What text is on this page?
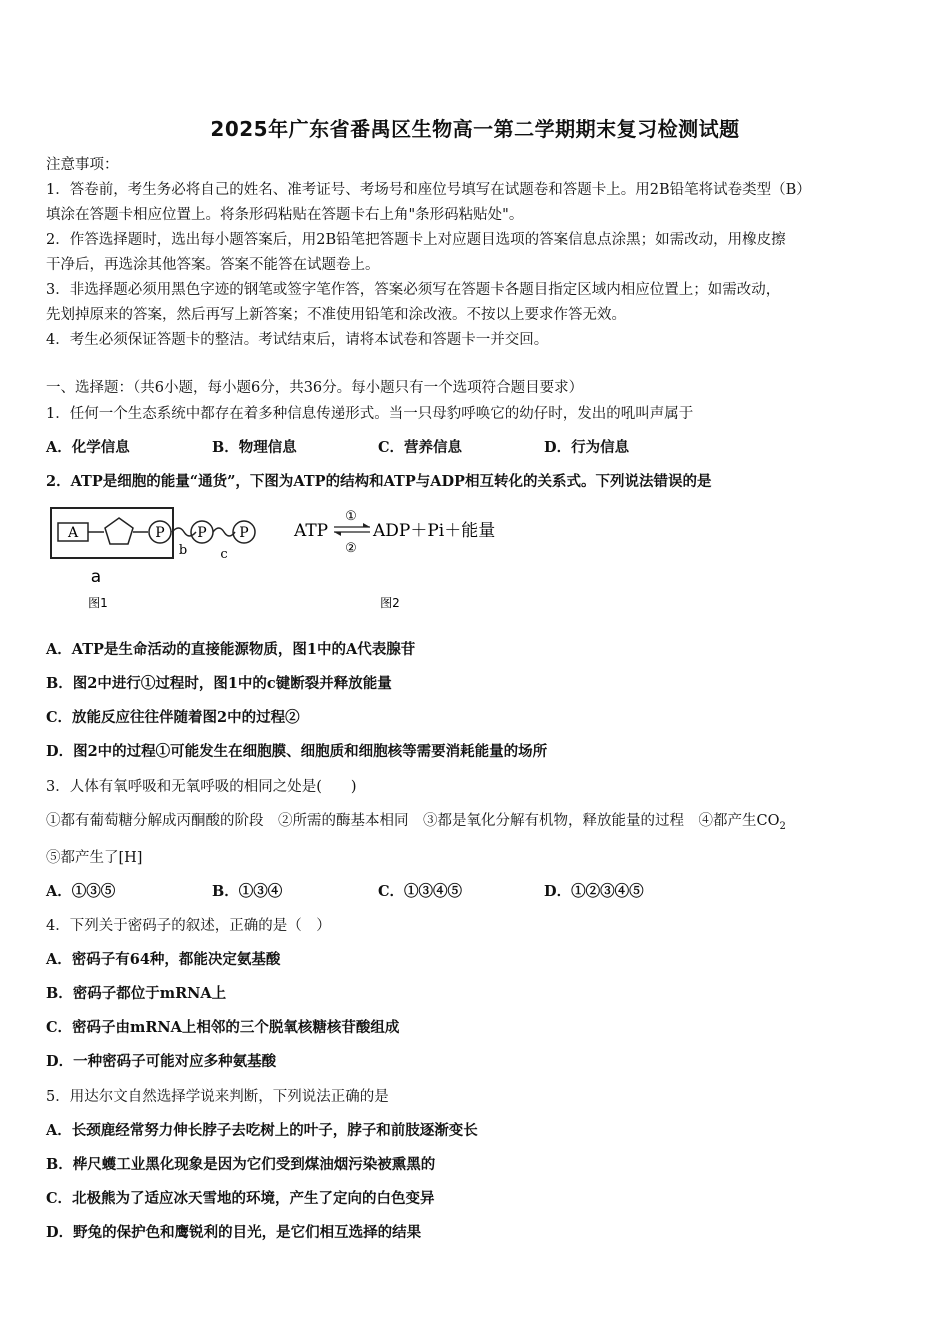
2025年广东省番禺区生物高一第二学期期末复习检测试题
注意事项：
1．答卷前，考生务必将自己的姓名、准考证号、考场号和座位号填写在试题卷和答题卡上。用2B铅笔将试卷类型（B）
填涂在答题卡相应位置上。将条形码粘贴在答题卡右上角"条形码粘贴处"。
2．作答选择题时，选出每小题答案后，用2B铅笔把答题卡上对应题目选项的答案信息点涂黑；如需改动，用橡皮擦
干净后，再选涂其他答案。答案不能答在试题卷上。
3．非选择题必须用黑色字迹的钢笔或签字笔作答，答案必须写在答题卡各题目指定区域内相应位置上；如需改动，
先划掉原来的答案，然后再写上新答案；不准使用铅笔和涂改液。不按以上要求作答无效。
4．考生必须保证答题卡的整洁。考试结束后，请将本试卷和答题卡一并交回。
一、选择题：（共6小题，每小题6分，共36分。每小题只有一个选项符合题目要求）
1．任何一个生态系统中都存在着多种信息传递形式。当一只母豹呼唤它的幼仔时，发出的吼叫声属于
A．化学信息	B．物理信息	C．营养信息	D．行为信息
2．ATP是细胞的能量“通货”，下图为ATP的结构和ATP与ADP相互转化的关系式。下列说法错误的是
A	P P P
b	c
a
图1
ATP
①
②
ADP＋Pi＋能量
图2
A．ATP是生命活动的直接能源物质，图1中的A代表腺苷
B．图2中进行①过程时，图1中的c键断裂并释放能量
C．放能反应往往伴随着图2中的过程②
D．图2中的过程①可能发生在细胞膜、细胞质和细胞核等需要消耗能量的场所
3．人体有氧呼吸和无氧呼吸的相同之处是(　　)
①都有葡萄糖分解成丙酮酸的阶段　②所需的酶基本相同　③都是氧化分解有机物，释放能量的过程　④都产生$CO_2$
⑤都产生了[H]
A．①③⑤	B．①③④	C．①③④⑤	D．①②③④⑤
4．下列关于密码子的叙述，正确的是（　）
A．密码子有64种，都能决定氨基酸
B．密码子都位于mRNA上
C．密码子由mRNA上相邻的三个脱氧核糖核苷酸组成
D．一种密码子可能对应多种氨基酸
5．用达尔文自然选择学说来判断，下列说法正确的是
A．长颈鹿经常努力伸长脖子去吃树上的叶子，脖子和前肢逐渐变长
B．桦尺蠖工业黑化现象是因为它们受到煤油烟污染被熏黑的
C．北极熊为了适应冰天雪地的环境，产生了定向的白色变异
D．野兔的保护色和鹰锐利的目光，是它们相互选择的结果
